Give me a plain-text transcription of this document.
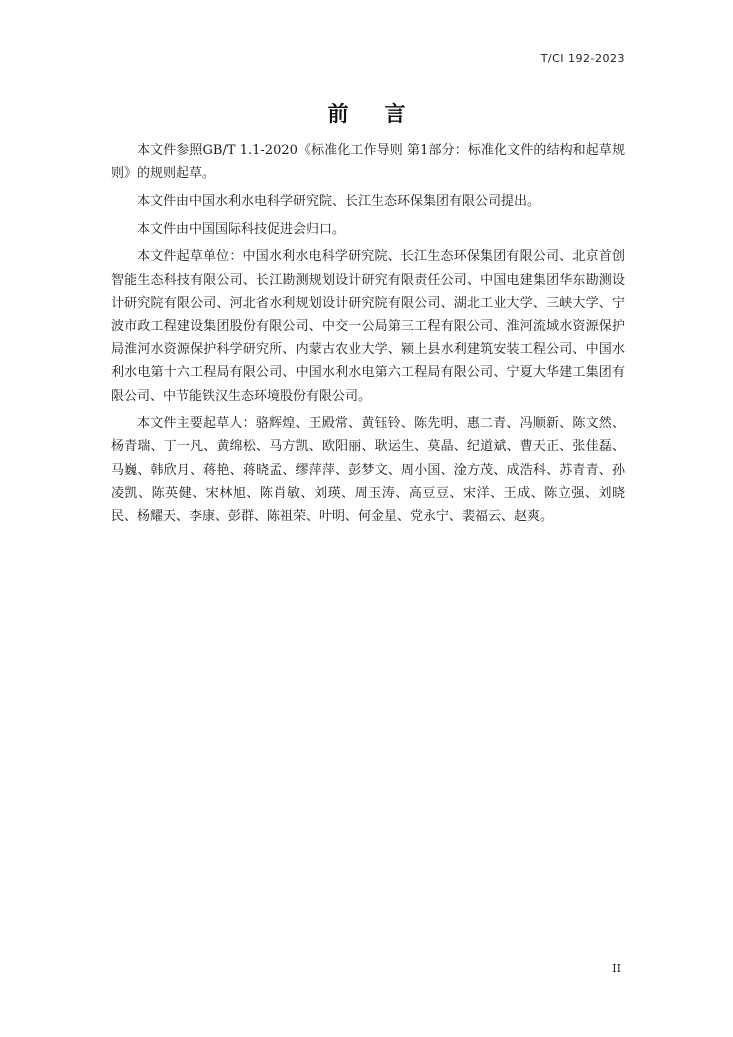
T/CI 192-2023
前言

本文件参照GB/T 1.1-2020《标准化工作导则 第1部分：标准化文件的结构和起草规则》的规则起草。

本文件由中国水利水电科学研究院、长江生态环保集团有限公司提出。

本文件由中国国际科技促进会归口。

本文件起草单位：中国水利水电科学研究院、长江生态环保集团有限公司、北京首创智能生态科技有限公司、长江勘测规划设计研究有限责任公司、中国电建集团华东勘测设计研究院有限公司、河北省水利规划设计研究院有限公司、湖北工业大学、三峡大学、宁波市政工程建设集团股份有限公司、中交一公局第三工程有限公司、淮河流域水资源保护局淮河水资源保护科学研究所、内蒙古农业大学、颍上县水利建筑安装工程公司、中国水利水电第十六工程局有限公司、中国水利水电第六工程局有限公司、宁夏大华建工集团有限公司、中节能铁汉生态环境股份有限公司。

本文件主要起草人：骆辉煌、王殿常、黄钰铃、陈先明、惠二青、冯顺新、陈文然、杨青瑞、丁一凡、黄绵松、马方凯、欧阳丽、耿运生、莫晶、纪道斌、曹天正、张佳磊、马巍、韩欣月、蒋艳、蒋晓孟、缪萍萍、彭梦文、周小国、淦方茂、成浩科、苏青青、孙凌凯、陈英健、宋林旭、陈肖敏、刘瑛、周玉涛、高豆豆、宋洋、王成、陈立强、刘晓民、杨耀天、李康、彭群、陈祖荣、叶明、何金星、党永宁、裴福云、赵爽。

II
